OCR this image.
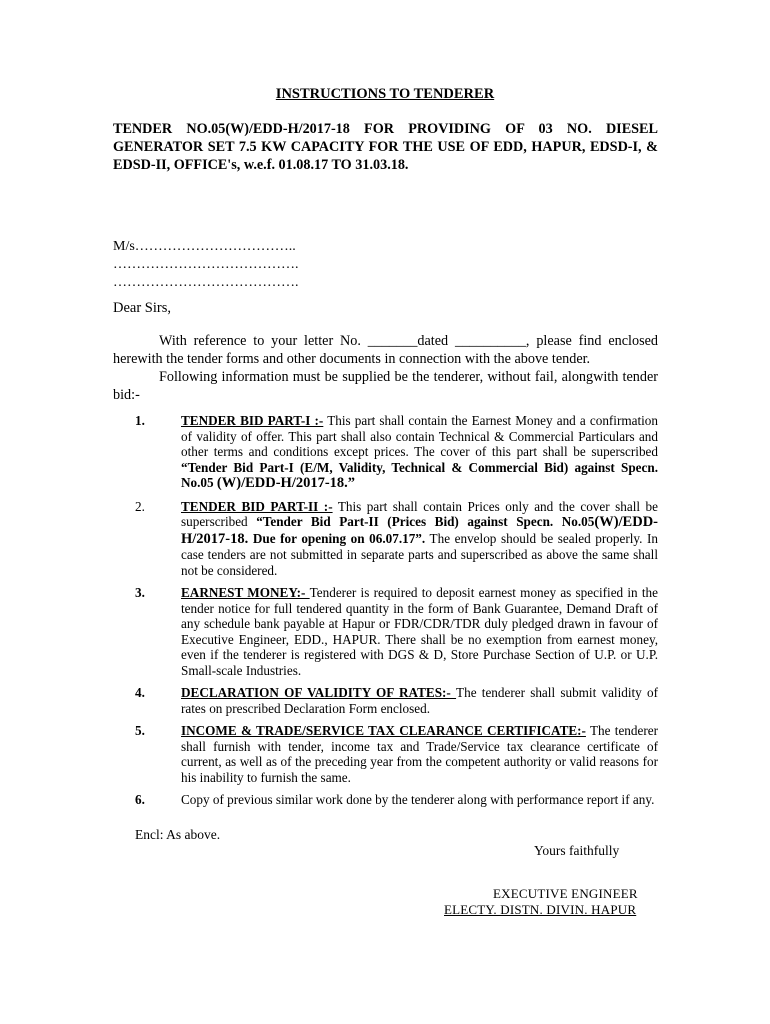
INSTRUCTIONS TO TENDERER
TENDER NO.05(W)/EDD-H/2017-18 FOR PROVIDING OF 03 NO. DIESEL GENERATOR SET 7.5 KW CAPACITY FOR THE USE OF EDD, HAPUR, EDSD-I, & EDSD-II, OFFICE's, w.e.f. 01.08.17 TO 31.03.18.
M/s……………………………..
………………………………….
………………………………….
Dear Sirs,
With reference to your letter No. _______dated __________, please find enclosed herewith the tender forms and other documents in connection with the above tender.
Following information must be supplied be the tenderer, without fail, alongwith tender bid:-
1.	TENDER BID PART-I :- This part shall contain the Earnest Money and a confirmation of validity of offer. This part shall also contain Technical & Commercial Particulars and other terms and conditions except prices. The cover of this part shall be superscribed “Tender Bid Part-I (E/M, Validity, Technical & Commercial Bid) against Specn. No.05 (W)/EDD-H/2017-18.”
2.	TENDER BID PART-II :- This part shall contain Prices only and the cover shall be superscribed “Tender Bid Part-II (Prices Bid) against Specn. No.05(W)/EDD-H/2017-18. Due for opening on 06.07.17”. The envelop should be sealed properly. In case tenders are not submitted in separate parts and superscribed as above the same shall not be considered.
3.	EARNEST MONEY:- Tenderer is required to deposit earnest money as specified in the tender notice for full tendered quantity in the form of Bank Guarantee, Demand Draft of any schedule bank payable at Hapur or FDR/CDR/TDR duly pledged drawn in favour of Executive Engineer, EDD., HAPUR. There shall be no exemption from earnest money, even if the tenderer is registered with DGS & D, Store Purchase Section of U.P. or U.P. Small-scale Industries.
4.	DECLARATION OF VALIDITY OF RATES:- The tenderer shall submit validity of rates on prescribed Declaration Form enclosed.
5.	INCOME & TRADE/SERVICE TAX CLEARANCE CERTIFICATE:- The tenderer shall furnish with tender, income tax and Trade/Service tax clearance certificate of current, as well as of the preceding year from the competent authority or valid reasons for his inability to furnish the same.
6.	Copy of previous similar work done by the tenderer along with performance report if any.
Encl: As above.
Yours faithfully
EXECUTIVE ENGINEER
ELECTY. DISTN. DIVIN. HAPUR
